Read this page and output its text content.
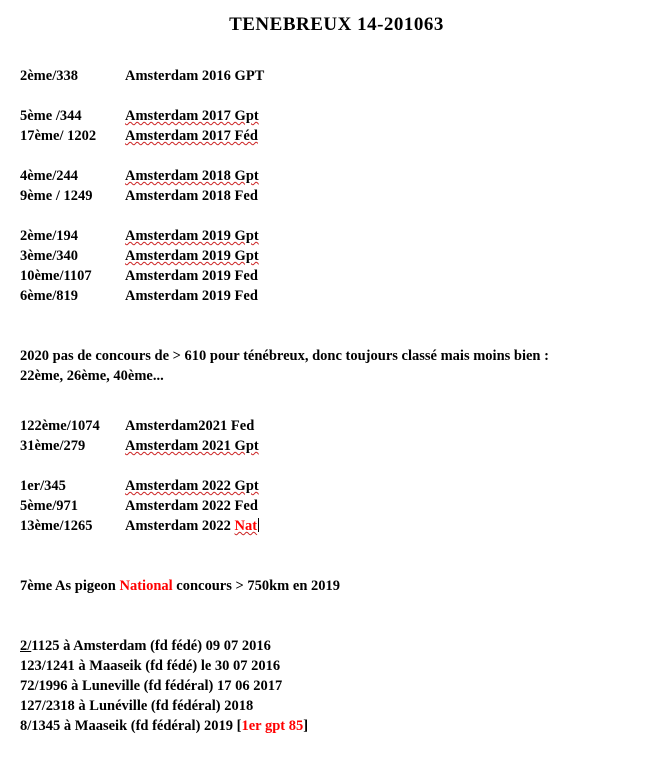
TENEBREUX 14-201063
2ème/338	Amsterdam 2016 GPT
5ème /344	Amsterdam 2017 Gpt
17ème/ 1202 Amsterdam 2017 Féd
4ème/244	Amsterdam 2018 Gpt
9ème / 1249 Amsterdam 2018 Fed
2ème/194	Amsterdam 2019 Gpt
3ème/340	Amsterdam 2019 Gpt
10ème/1107 Amsterdam 2019 Fed
6ème/819	Amsterdam 2019 Fed
2020 pas de concours de > 610 pour ténébreux, donc toujours classé mais moins bien :
22ème, 26ème, 40ème...
122ème/1074 Amsterdam2021 Fed
31ème/279	Amsterdam 2021 Gpt
1er/345	Amsterdam 2022 Gpt
5ème/971	Amsterdam 2022 Fed
13ème/1265 Amsterdam 2022 Nat
7ème As pigeon National concours > 750km en 2019
2/1125 à Amsterdam (fd fédé) 09 07 2016
123/1241 à Maaseik (fd fédé) le 30 07 2016
72/1996 à Luneville (fd fédéral) 17 06 2017
127/2318 à Lunéville (fd fédéral) 2018
8/1345 à Maaseik (fd fédéral) 2019 [1er gpt 85]
